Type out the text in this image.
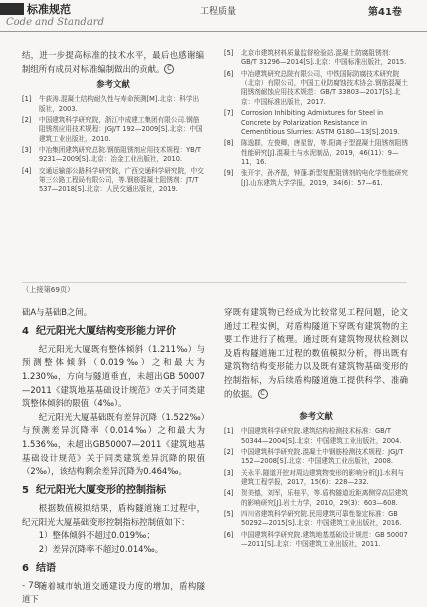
标准规范
Code and Standard
工程质量	第41卷

结，进一步提高标准的技术水平，最后也感谢编制组所有成员对标准编制做出的贡献。 C

参考文献
[1]	牛荻涛.混凝土结构耐久性与寿命预测[M].北京：科学出版社，2003.
[2]	中国建筑科学研究院，浙江中成建工集团有限公司.钢筋阻锈剂应用技术规程：JGJ/T 192—2009[S].北京：中国建筑工业出版社，2010.
[3]	中冶集团建筑研究总院.钢筋阻锈剂应用技术规程：YB/T 9231—2009[S].北京：冶金工业出版社，2010.
[4]	交通运输部公路科学研究院，广西交通科学研究院，中交第三公路工程局有限公司，等.钢筋混凝土阻锈剂：JT/T 537—2018[S].北京：人民交通出版社，2019.
[5]	北京市建筑材料质量监督检验站.混凝土防腐阻锈剂：GB/T 31296—2014[S].北京：中国标准出版社，2015.
[6]	中冶建筑研究总院有限公司，中铁国际防腐技术研究院（北京）有限公司，中国工业防腐蚀技术协会.钢筋混凝土阻锈剂耐蚀应用技术规范：GB/T 33803—2017[S].北京：中国标准出版社，2017.
[7]	Corrosion Inhibiting Admixtures for Steel in Concrete by Polarization Resistance in Cementitious Slurries: ASTM G180—13[S].2019.
[8]	陈逸群，左俊卿，唐星智，等.阳离子型混凝土阻锈剂阻锈性能研究[J].混凝土与水泥制品，2019，46(11)：9—11，16.
[9]	张开宇，孙齐磊，钟蓬.新型复配阻锈剂的电化学性能研究[J].山东建筑大学学报，2019，34(6)：57—61.
（上接第69页）

础A与基础B之间。

4 纪元阳光大厦结构变形能力评价

纪元阳光大厦既有整体倾斜（1.211‰）与预测整体倾斜（0.019‰）之和最大为1.230‰，方向与隧道垂直，未超出GB 50007—2011《建筑地基基础设计规范》⑦关于同类建筑整体倾斜的限值（4‰）。

纪元阳光大厦基础既有差异沉降（1.522‰）与预测差异沉降率（0.014‰）之和最大为1.536‰，未超出GB50007—2011《建筑地基基础设计规范》关于同类建筑差异沉降的限值（2‰），该结构剩余差异沉降为0.464‰。

5 纪元阳光大厦变形的控制指标

根据数值模拟结果，盾构隧道施工过程中，纪元阳光大厦基础变形控制指标控制值如下：

1）整体倾斜不超过0.019‰；

2）差异沉降率不超过0.014‰。

6 结语

随着城市轨道交通建设力度的增加，盾构隧道下

穿既有建筑物已经成为比较常见工程问题，论文通过工程实例，对盾构隧道下穿既有建筑物的主要工作进行了梳理。通过既有建筑物现状检测以及盾构隧道施工过程的数值模拟分析，得出既有建筑物结构变形能力以及既有建筑物基础变形的控制指标，为后续盾构隧道施工提供科学、准确的依据。 C

参考文献
[1]	中国建筑科学研究院.建筑结构检测技术标准：GB/T 50344—2004[S].北京：中国建筑工业出版社，2004.
[2]	中国建筑科学研究院.混凝土中钢筋检测技术规程：JGJ/T 152—2008[S].北京：中国建筑工业出版社，2008.
[3]	关永平.隧道开挖对周边建筑物变形的影响分析[J].水利与建筑工程学报，2017，15(6)：228—232.
[4]	贺美德，刘军，乐桂平，等.盾构隧道近距离侧穿高层建筑的影响研究[J].岩土力学，2010，29(3)：603—608.
[5]	四川省建筑科学研究院.民用建筑可靠性鉴定标准：GB 50292—2015[S].北京：中国建筑工业出版社，2016.
[6]	中国建筑科学研究院.建筑地基基础设计规范：GB 50007—2011[S].北京：中国建筑工业出版社，2011.
- 78 -
